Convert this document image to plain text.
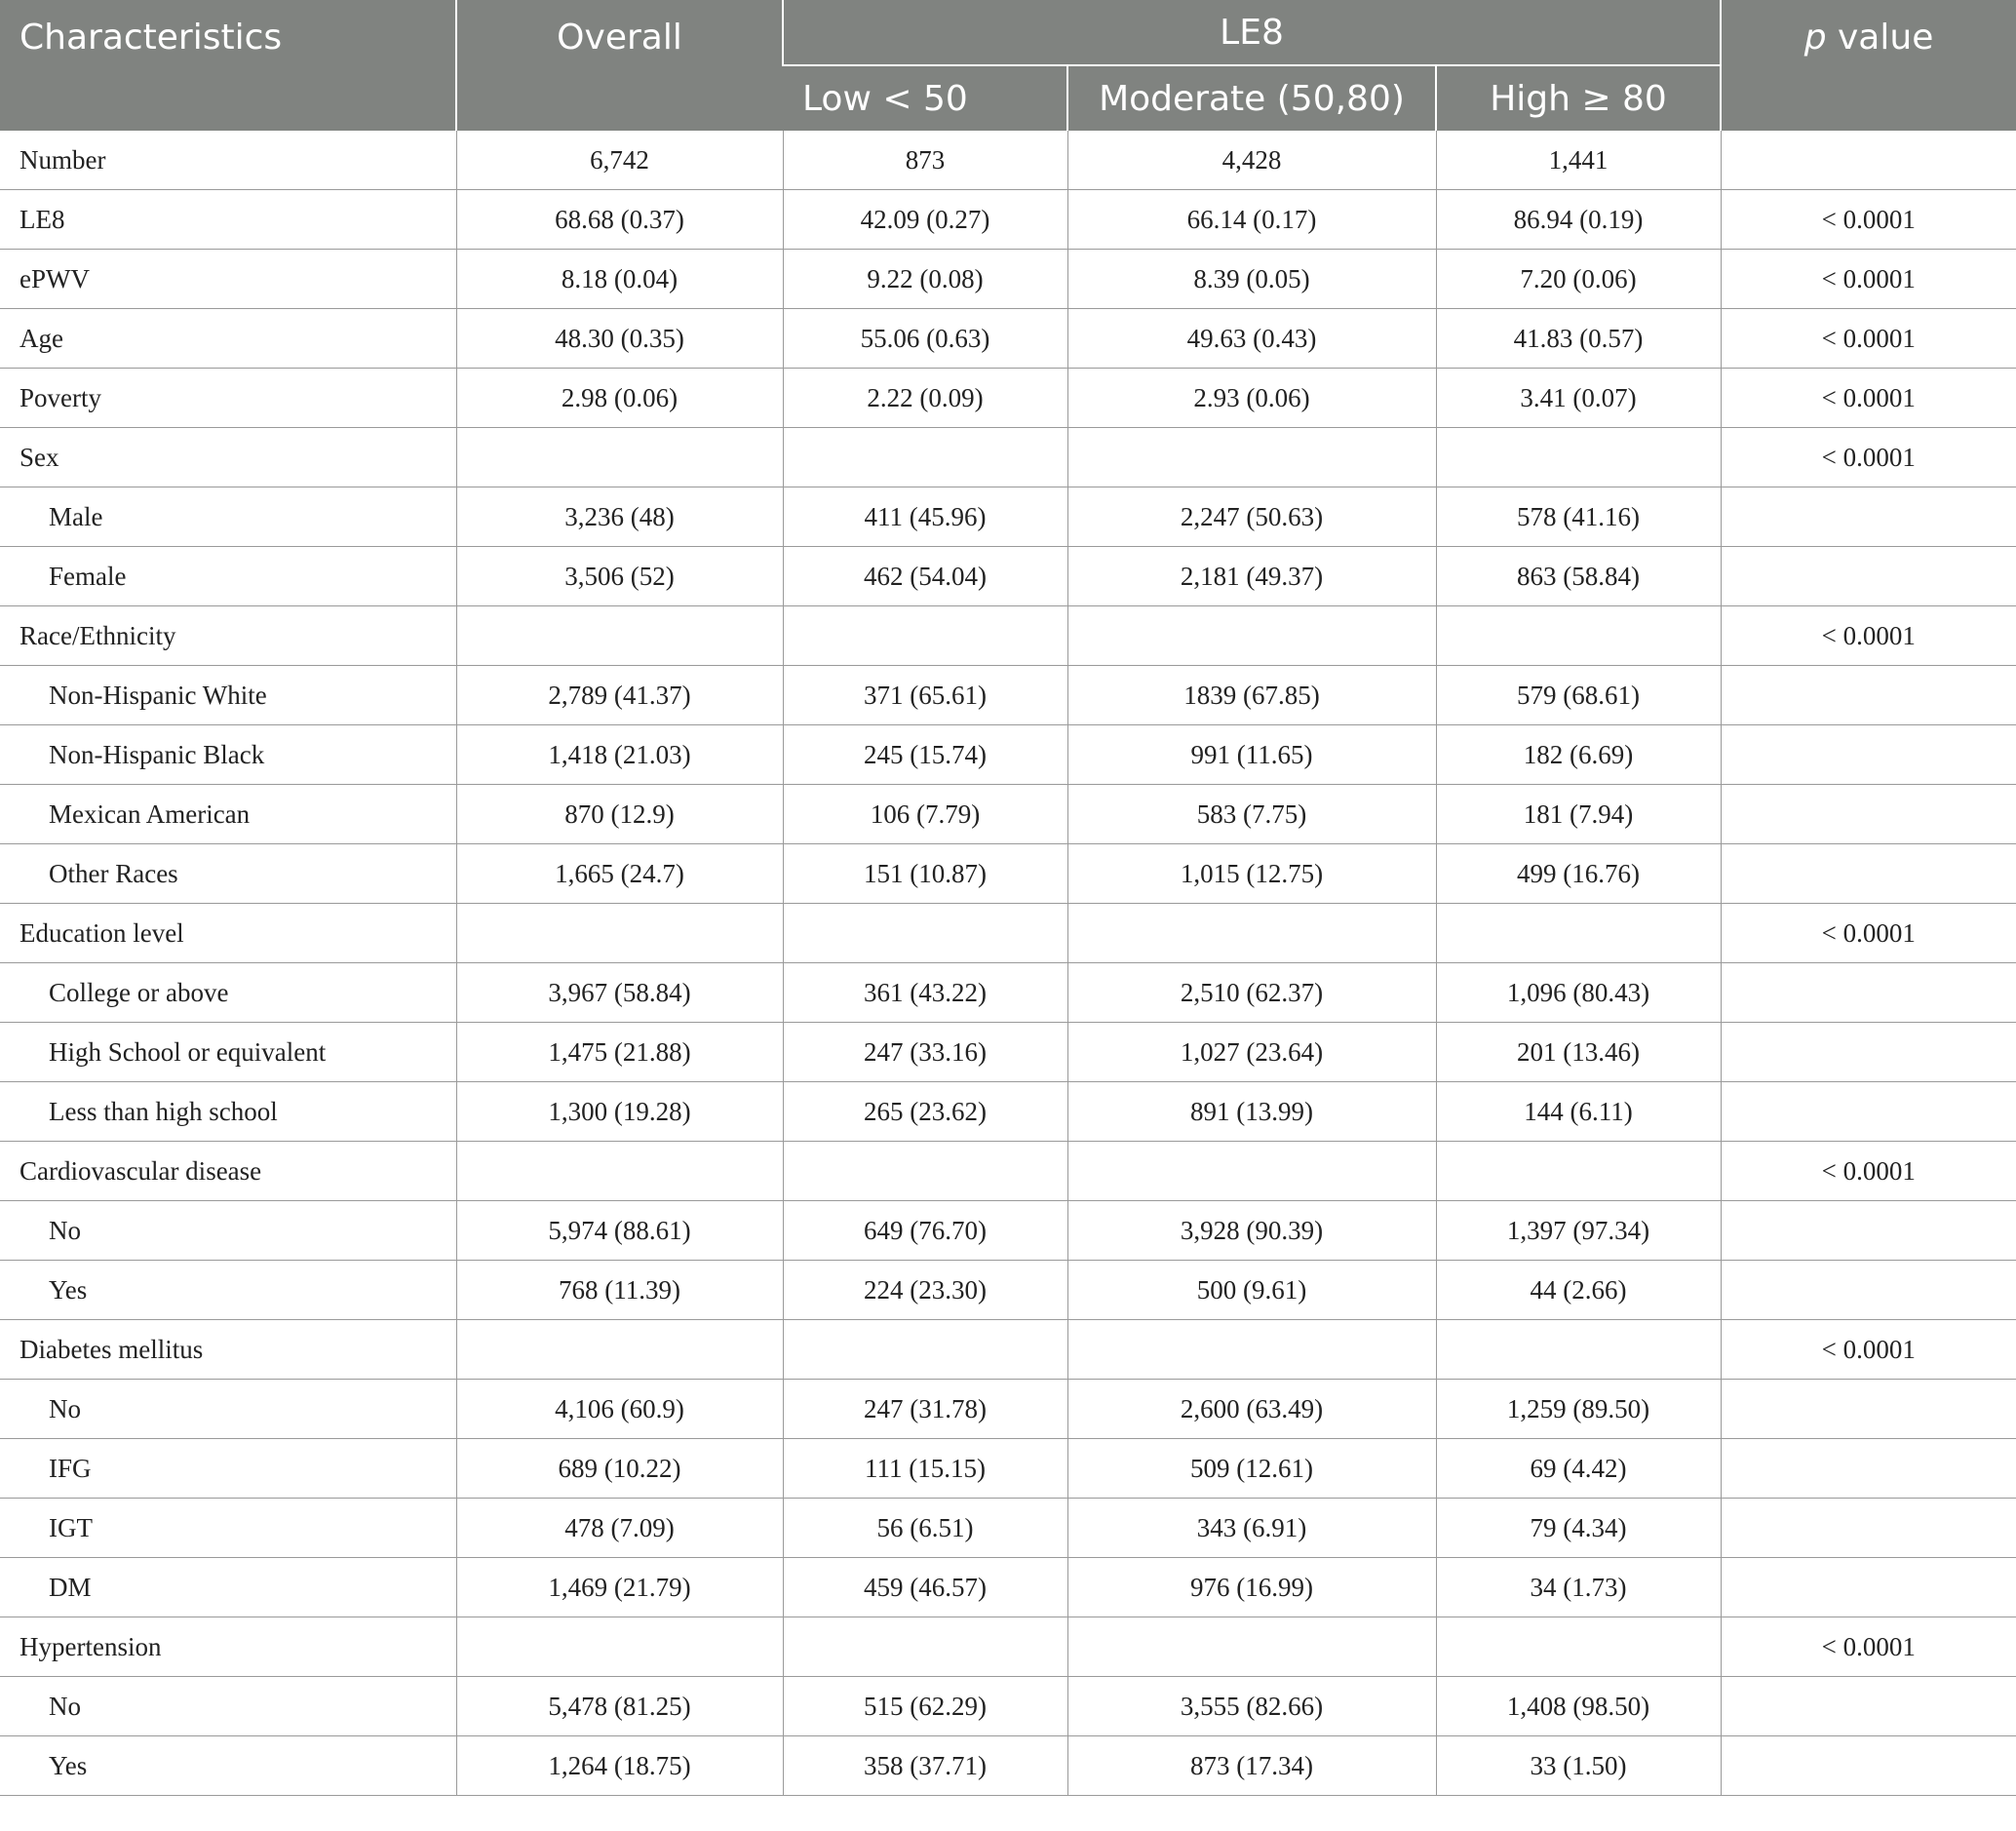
Characteristics	Overall	LE8			p value
		Low < 50	Moderate (50,80)	High ≥ 80	
Number	6,742	873	4,428	1,441	
LE8	68.68 (0.37)	42.09 (0.27)	66.14 (0.17)	86.94 (0.19)	< 0.0001
ePWV	8.18 (0.04)	9.22 (0.08)	8.39 (0.05)	7.20 (0.06)	< 0.0001
Age	48.30 (0.35)	55.06 (0.63)	49.63 (0.43)	41.83 (0.57)	< 0.0001
Poverty	2.98 (0.06)	2.22 (0.09)	2.93 (0.06)	3.41 (0.07)	< 0.0001
Sex					< 0.0001
Male	3,236 (48)	411 (45.96)	2,247 (50.63)	578 (41.16)	
Female	3,506 (52)	462 (54.04)	2,181 (49.37)	863 (58.84)	
Race/Ethnicity					< 0.0001
Non-Hispanic White	2,789 (41.37)	371 (65.61)	1839 (67.85)	579 (68.61)	
Non-Hispanic Black	1,418 (21.03)	245 (15.74)	991 (11.65)	182 (6.69)	
Mexican American	870 (12.9)	106 (7.79)	583 (7.75)	181 (7.94)	
Other Races	1,665 (24.7)	151 (10.87)	1,015 (12.75)	499 (16.76)	
Education level					< 0.0001
College or above	3,967 (58.84)	361 (43.22)	2,510 (62.37)	1,096 (80.43)	
High School or equivalent	1,475 (21.88)	247 (33.16)	1,027 (23.64)	201 (13.46)	
Less than high school	1,300 (19.28)	265 (23.62)	891 (13.99)	144 (6.11)	
Cardiovascular disease					< 0.0001
No	5,974 (88.61)	649 (76.70)	3,928 (90.39)	1,397 (97.34)	
Yes	768 (11.39)	224 (23.30)	500 (9.61)	44 (2.66)	
Diabetes mellitus					< 0.0001
No	4,106 (60.9)	247 (31.78)	2,600 (63.49)	1,259 (89.50)	
IFG	689 (10.22)	111 (15.15)	509 (12.61)	69 (4.42)	
IGT	478 (7.09)	56 (6.51)	343 (6.91)	79 (4.34)	
DM	1,469 (21.79)	459 (46.57)	976 (16.99)	34 (1.73)	
Hypertension					< 0.0001
No	5,478 (81.25)	515 (62.29)	3,555 (82.66)	1,408 (98.50)	
Yes	1,264 (18.75)	358 (37.71)	873 (17.34)	33 (1.50)	
